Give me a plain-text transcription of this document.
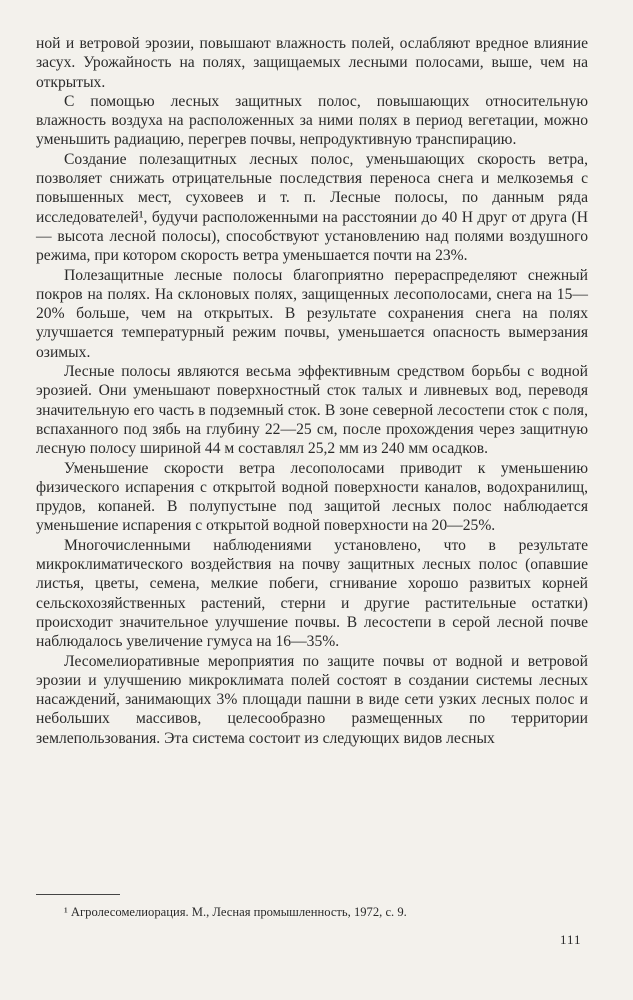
ной и ветровой эрозии, повышают влажность полей, ослабляют вредное влияние засух. Урожайность на полях, защищаемых лесными полосами, выше, чем на открытых.

С помощью лесных защитных полос, повышающих относительную влажность воздуха на расположенных за ними полях в период вегетации, можно уменьшить радиацию, перегрев почвы, непродуктивную транспирацию.

Создание полезащитных лесных полос, уменьшающих скорость ветра, позволяет снижать отрицательные последствия переноса снега и мелкоземья с повышенных мест, суховеев и т. п. Лесные полосы, по данным ряда исследователей¹, будучи расположенными на расстоянии до 40 H друг от друга (H — высота лесной полосы), способствуют установлению над полями воздушного режима, при котором скорость ветра уменьшается почти на 23%.

Полезащитные лесные полосы благоприятно перераспределяют снежный покров на полях. На склоновых полях, защищенных лесополосами, снега на 15—20% больше, чем на открытых. В результате сохранения снега на полях улучшается температурный режим почвы, уменьшается опасность вымерзания озимых.

Лесные полосы являются весьма эффективным средством борьбы с водной эрозией. Они уменьшают поверхностный сток талых и ливневых вод, переводя значительную его часть в подземный сток. В зоне северной лесостепи сток с поля, вспаханного под зябь на глубину 22—25 см, после прохождения через защитную лесную полосу шириной 44 м составлял 25,2 мм из 240 мм осадков.

Уменьшение скорости ветра лесополосами приводит к уменьшению физического испарения с открытой водной поверхности каналов, водохранилищ, прудов, копаней. В полупустыне под защитой лесных полос наблюдается уменьшение испарения с открытой водной поверхности на 20—25%.

Многочисленными наблюдениями установлено, что в результате микроклиматического воздействия на почву защитных лесных полос (опавшие листья, цветы, семена, мелкие побеги, сгнивание хорошо развитых корней сельскохозяйственных растений, стерни и другие растительные остатки) происходит значительное улучшение почвы. В лесостепи в серой лесной почве наблюдалось увеличение гумуса на 16—35%.

Лесомелиоративные мероприятия по защите почвы от водной и ветровой эрозии и улучшению микроклимата полей состоят в создании системы лесных насаждений, занимающих 3% площади пашни в виде сети узких лесных полос и небольших массивов, целесообразно размещенных по территории землепользования. Эта система состоит из следующих видов лесных

¹ Агролесомелиорация. М., Лесная промышленность, 1972, с. 9.
111
